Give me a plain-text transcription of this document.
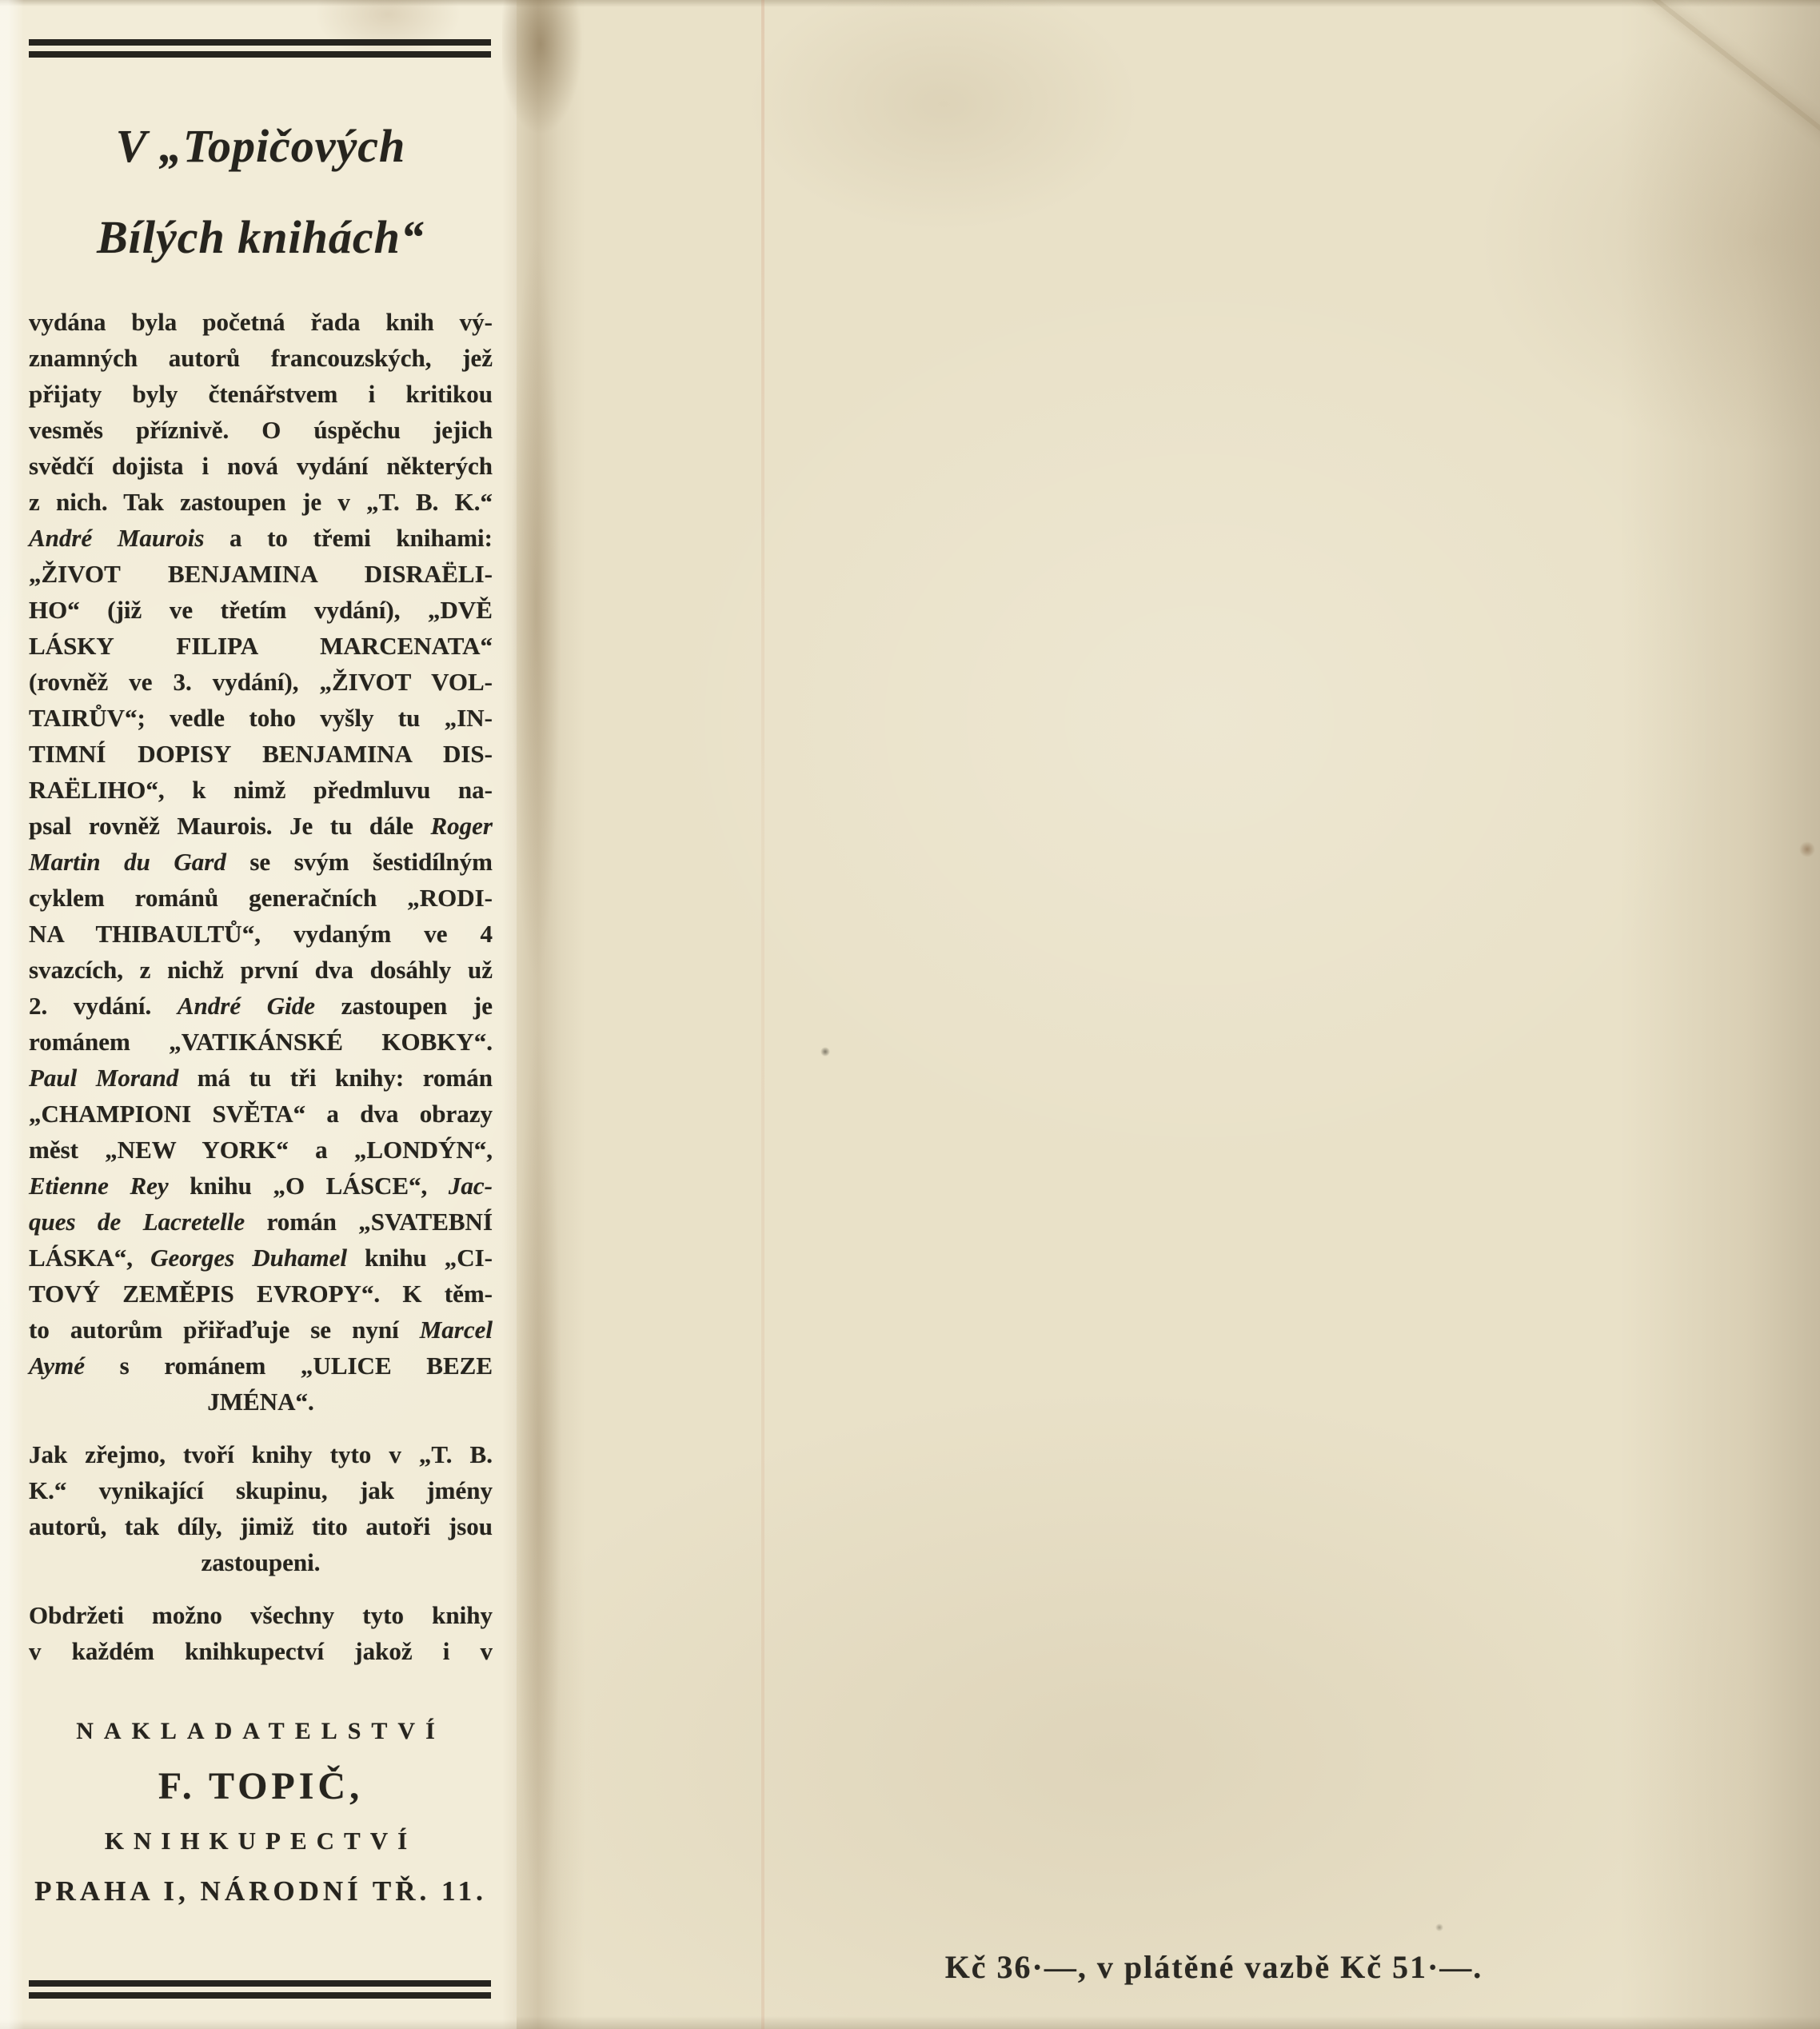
V „Topičových
Bílých knihách“
vydána byla početná řada knih vý-
znamných autorů francouzských, jež
přijaty byly čtenářstvem i kritikou
vesměs příznivě. O úspěchu jejich
svědčí dojista i nová vydání některých
z nich. Tak zastoupen je v „T. B. K.“
André Maurois a to třemi knihami:
„ŽIVOT BENJAMINA DISRAËLI-
HO“ (již ve třetím vydání), „DVĚ
LÁSKY FILIPA MARCENATA“
(rovněž ve 3. vydání), „ŽIVOT VOL-
TAIRŮV“; vedle toho vyšly tu „IN-
TIMNÍ DOPISY BENJAMINA DIS-
RAËLIHO“, k nimž předmluvu na-
psal rovněž Maurois. Je tu dále Roger
Martin du Gard se svým šestidílným
cyklem románů generačních „RODI-
NA THIBAULTŮ“, vydaným ve 4
svazcích, z nichž první dva dosáhly už
2. vydání. André Gide zastoupen je
románem „VATIKÁNSKÉ KOBKY“.
Paul Morand má tu tři knihy: román
„CHAMPIONI SVĚTA“ a dva obrazy
měst „NEW YORK“ a „LONDÝN“,
Etienne Rey knihu „O LÁSCE“, Jac-
ques de Lacretelle román „SVATEBNÍ
LÁSKA“, Georges Duhamel knihu „CI-
TOVÝ ZEMĚPIS EVROPY“. K těm-
to autorům přiřaďuje se nyní Marcel
Aymé s románem „ULICE BEZE
JMÉNA“.
Jak zřejmo, tvoří knihy tyto v „T. B.
K.“ vynikající skupinu, jak jmény
autorů, tak díly, jimiž tito autoři jsou
zastoupeni.
Obdržeti možno všechny tyto knihy
v každém knihkupectví jakož i v
NAKLADATELSTVÍ
F. TOPIČ,
KNIHKUPECTVÍ
PRAHA I, NÁRODNÍ TŘ. 11.
Kč 36·—, v plátěné vazbě Kč 51·—.
